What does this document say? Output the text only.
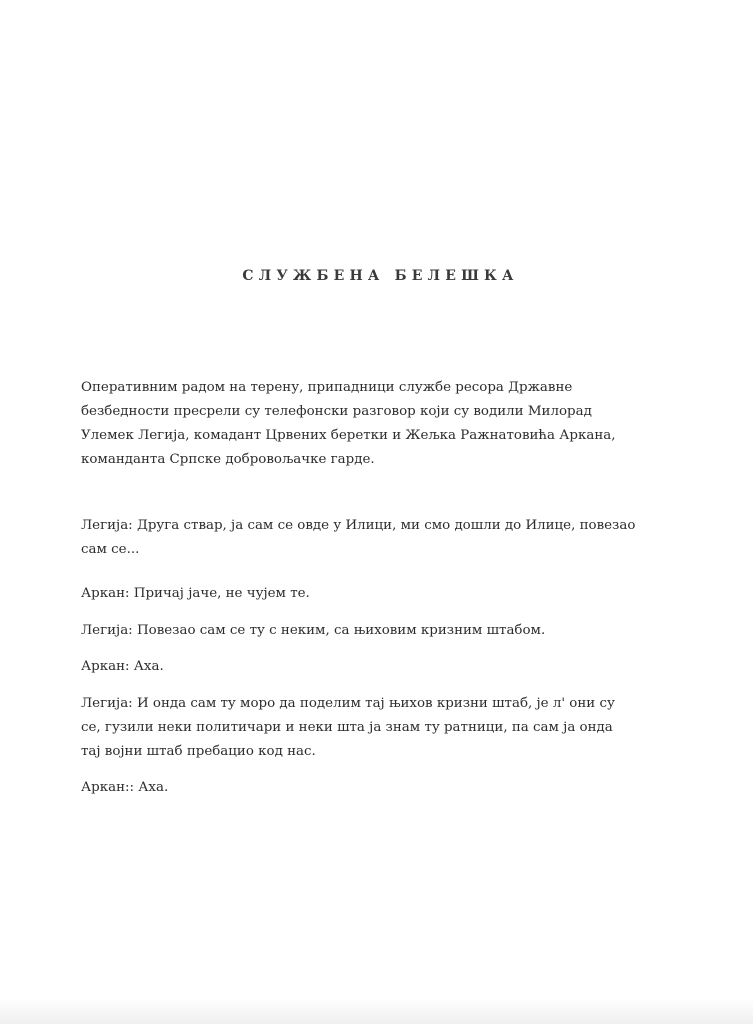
СЛУЖБЕНА БЕЛЕШКА
Оперативним радом на терену, припадници службе ресора Државне
безбедности пресрели су телефонски разговор који су водили Милорад
Улемек Легија, комадант Црвених беретки и Жељка Ражнатовића Аркана,
команданта Српске добровољачке гарде.
Легија: Друга ствар, ја сам се овде у Илици, ми смо дошли до Илице, повезао
сам се...
Аркан: Причај јаче, не чујем те.
Легија: Повезао сам се ту с неким, са њиховим кризним штабом.
Аркан: Аха.
Легија: И онда сам ту моро да поделим тај њихов кризни штаб, је л' они су
се, гузили неки политичари и неки шта ја знам ту ратници, па сам ја онда
тај војни штаб пребацио код нас.
Аркан:: Аха.
